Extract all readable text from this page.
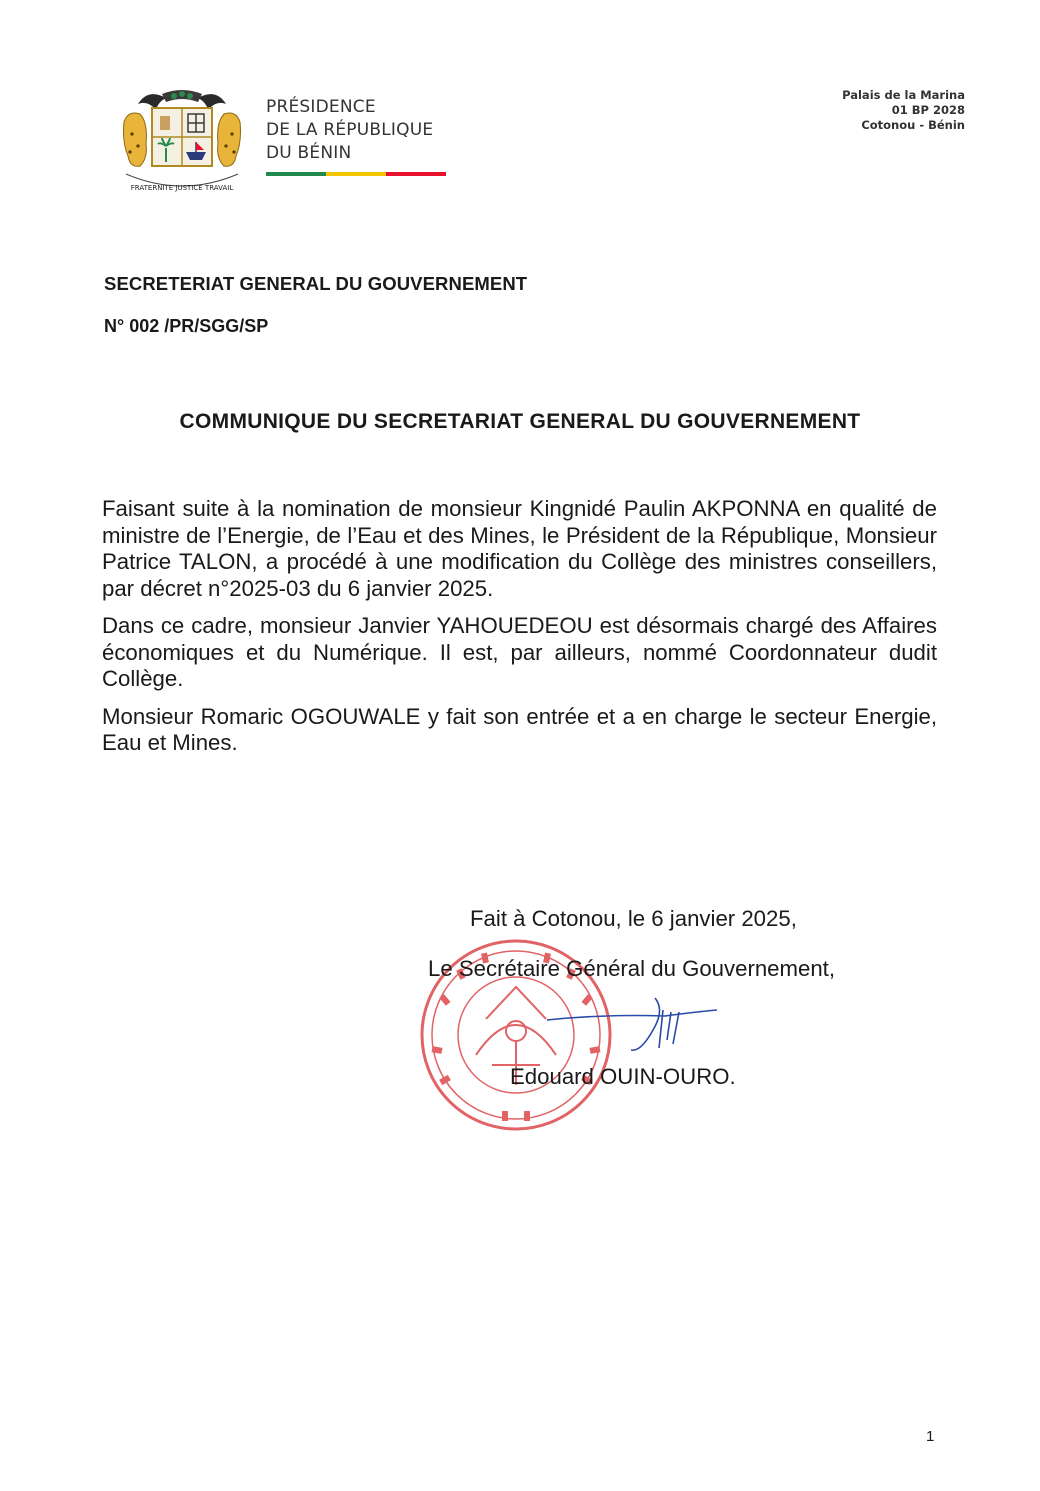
FRATERNITE JUSTICE TRAVAIL
PRÉSIDENCE
DE LA RÉPUBLIQUE
DU BÉNIN
Palais de la Marina
01 BP 2028
Cotonou - Bénin
SECRETERIAT GENERAL DU GOUVERNEMENT
N° 002 /PR/SGG/SP
COMMUNIQUE DU SECRETARIAT GENERAL DU GOUVERNEMENT

Faisant suite à la nomination de monsieur Kingnidé Paulin AKPONNA en qualité de ministre de l’Energie, de l’Eau et des Mines, le Président de la République, Monsieur Patrice TALON, a procédé à une modification du Collège des ministres conseillers, par décret n°2025-03 du 6 janvier 2025.

Dans ce cadre, monsieur Janvier YAHOUEDEOU est désormais chargé des Affaires économiques et du Numérique. Il est, par ailleurs, nommé Coordonnateur dudit Collège.

Monsieur Romaric OGOUWALE y fait son entrée et a en charge le secteur Energie, Eau et Mines.

Fait à Cotonou, le 6 janvier 2025,
Le Secrétaire Général du Gouvernement,
Edouard OUIN-OURO.
1
